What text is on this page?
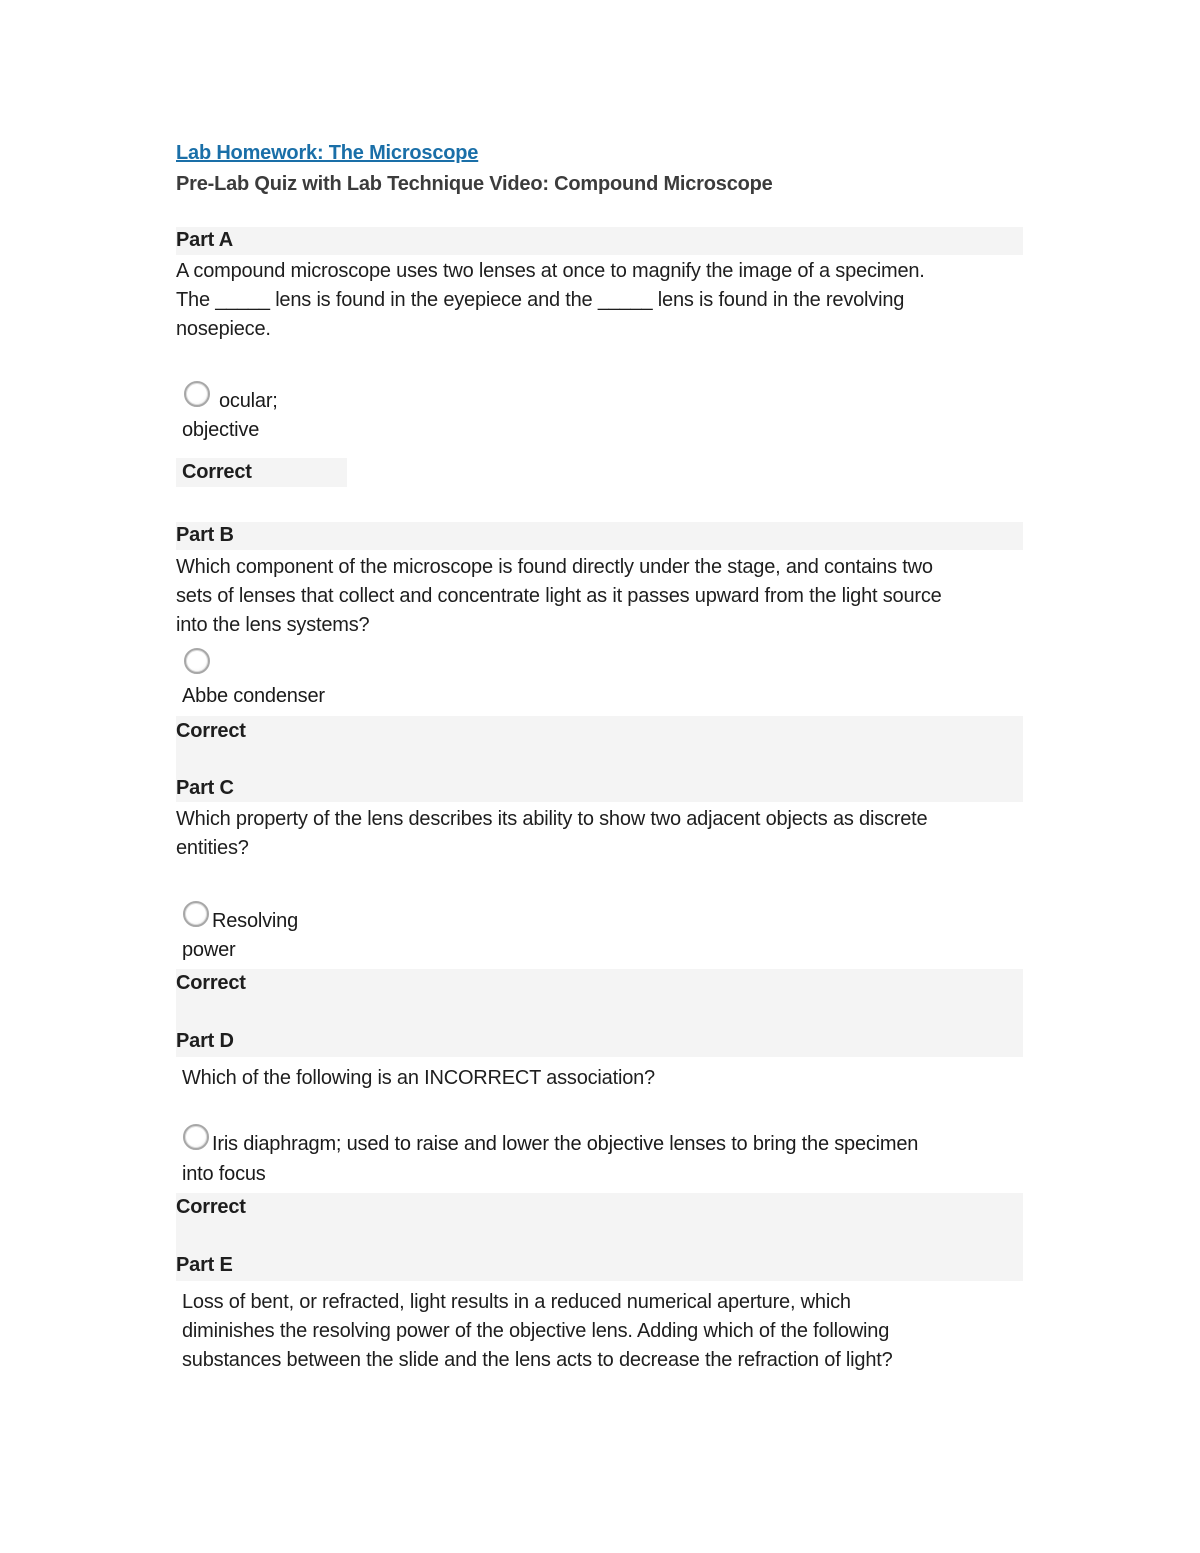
Lab Homework: The Microscope
Pre-Lab Quiz with Lab Technique Video: Compound Microscope
Part A
A compound microscope uses two lenses at once to magnify the image of a specimen.
The _____ lens is found in the eyepiece and the _____ lens is found in the revolving
nosepiece.
ocular;
objective
Correct
Part B
Which component of the microscope is found directly under the stage, and contains two
sets of lenses that collect and concentrate light as it passes upward from the light source
into the lens systems?
Abbe condenser
Correct
Part C
Which property of the lens describes its ability to show two adjacent objects as discrete
entities?
Resolving
power
Correct
Part D
Which of the following is an INCORRECT association?
Iris diaphragm; used to raise and lower the objective lenses to bring the specimen
into focus
Correct
Part E
Loss of bent, or refracted, light results in a reduced numerical aperture, which
diminishes the resolving power of the objective lens. Adding which of the following
substances between the slide and the lens acts to decrease the refraction of light?
